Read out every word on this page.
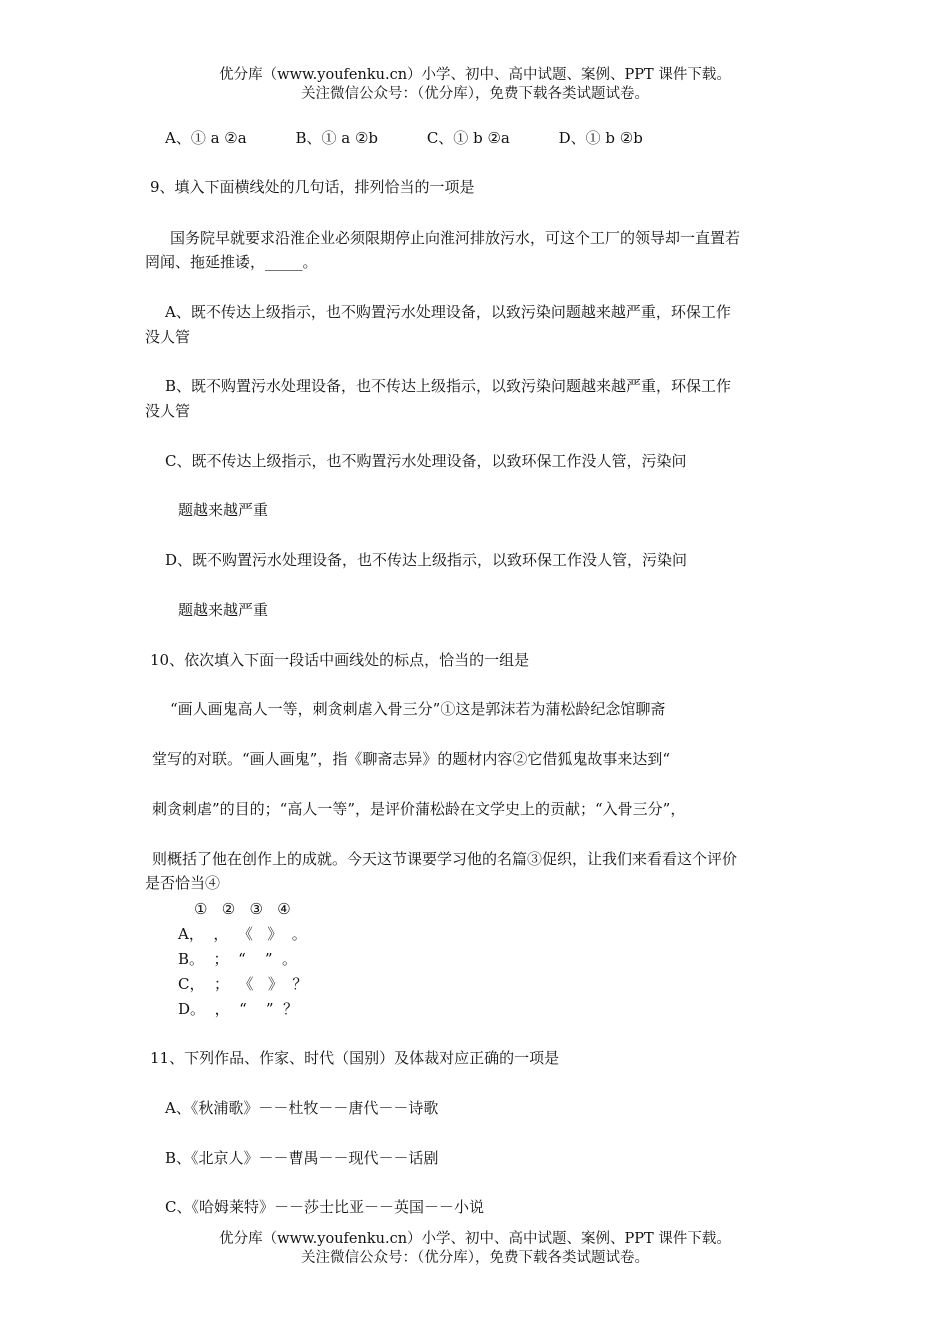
优分库（www.youfenku.cn）小学、初中、高中试题、案例、PPT 课件下载。
关注微信公众号：（优分库），免费下载各类试题试卷。
A、① a ②a	B、① a ②b	C、① b ②a	D、① b ②b
9、填入下面横线处的几句话，排列恰当的一项是
国务院早就要求沿淮企业必须限期停止向淮河排放污水，可这个工厂的领导却一直置若
罔闻、拖延推诿，_____。
A、既不传达上级指示，也不购置污水处理设备，以致污染问题越来越严重，环保工作
没人管
B、既不购置污水处理设备，也不传达上级指示，以致污染问题越来越严重，环保工作
没人管
C、既不传达上级指示，也不购置污水处理设备，以致环保工作没人管，污染问
题越来越严重
D、既不购置污水处理设备，也不传达上级指示，以致环保工作没人管，污染问
题越来越严重
10、依次填入下面一段话中画线处的标点，恰当的一组是
“画人画鬼高人一等，刺贪刺虐入骨三分”①这是郭沫若为蒲松龄纪念馆聊斋
堂写的对联。“画人画鬼”，指《聊斋志异》的题材内容②它借狐鬼故事来达到“
刺贪刺虐”的目的；“高人一等”，是评价蒲松龄在文学史上的贡献；“入骨三分”，
则概括了他在创作上的成就。今天这节课要学习他的名篇③促织，让我们来看看这个评价
是否恰当④
①   ②   ③   ④
A，  ，  《   》  。
B。  ；  “    ”  。
C，  ；  《   》  ？
D。  ，  “    ”  ？
11、下列作品、作家、时代（国别）及体裁对应正确的一项是
A、《秋浦歌》－－杜牧－－唐代－－诗歌
B、《北京人》－－曹禺－－现代－－话剧
C、《哈姆莱特》－－莎士比亚－－英国－－小说
优分库（www.youfenku.cn）小学、初中、高中试题、案例、PPT 课件下载。
关注微信公众号：（优分库），免费下载各类试题试卷。
